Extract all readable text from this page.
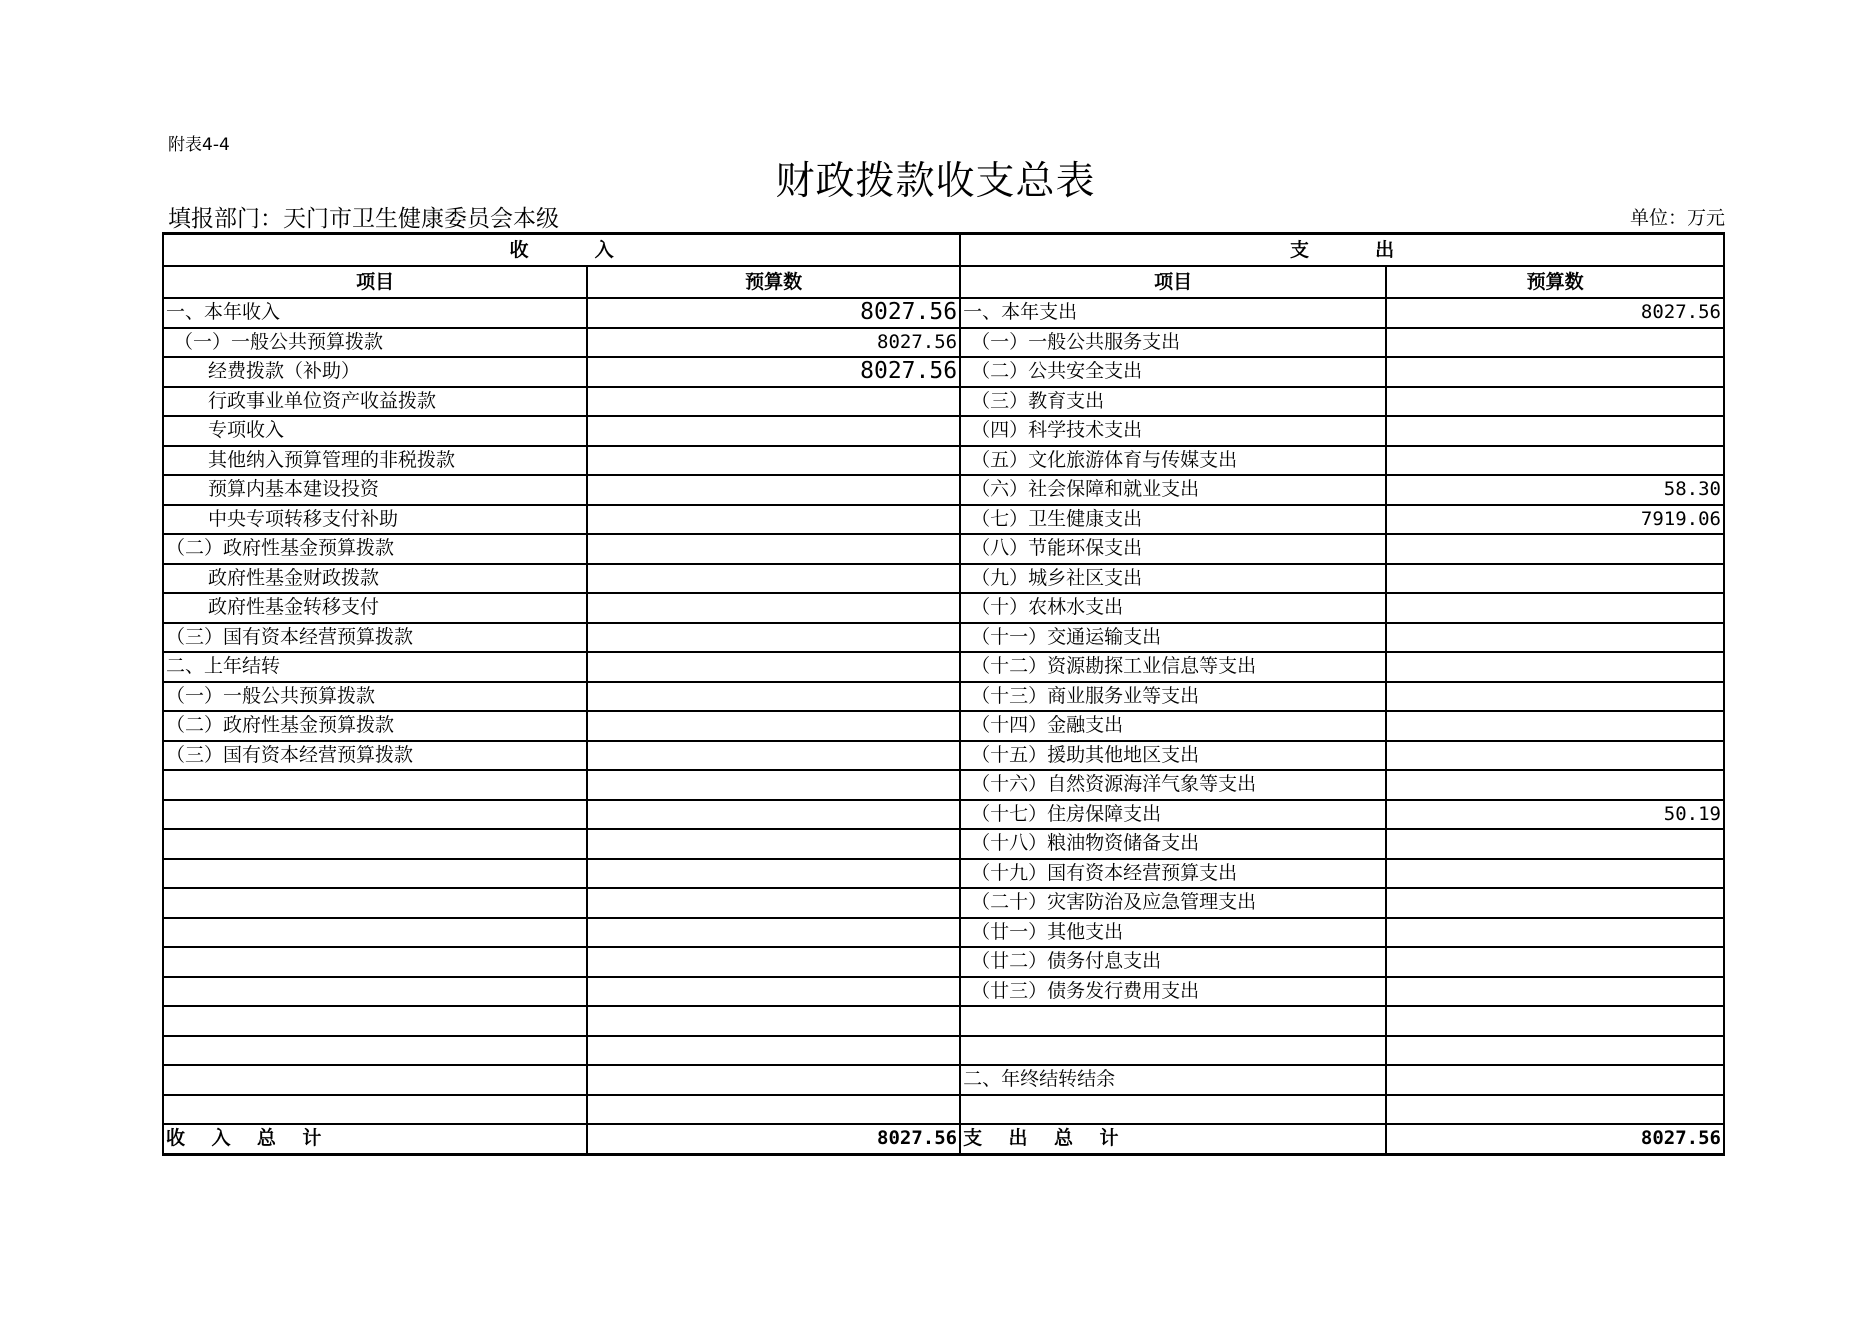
附表4-4
财政拨款收支总表
填报部门：天门市卫生健康委员会本级	单位：万元
收          入		支          出	
项目	预算数	项目	预算数
一、本年收入	8027.56	一、本年支出	8027.56
（一）一般公共预算拨款	8027.56	（一）一般公共服务支出	
经费拨款（补助）	8027.56	（二）公共安全支出	
行政事业单位资产收益拨款		（三）教育支出	
专项收入		（四）科学技术支出	
其他纳入预算管理的非税拨款		（五）文化旅游体育与传媒支出	
预算内基本建设投资		（六）社会保障和就业支出	58.30
中央专项转移支付补助		（七）卫生健康支出	7919.06
（二）政府性基金预算拨款		（八）节能环保支出	
政府性基金财政拨款		（九）城乡社区支出	
政府性基金转移支付		（十）农林水支出	
（三）国有资本经营预算拨款		（十一）交通运输支出	
二、上年结转		（十二）资源勘探工业信息等支出	
（一）一般公共预算拨款		（十三）商业服务业等支出	
（二）政府性基金预算拨款		（十四）金融支出	
（三）国有资本经营预算拨款		（十五）援助其他地区支出	
		（十六）自然资源海洋气象等支出	
		（十七）住房保障支出	50.19
		（十八）粮油物资储备支出	
		（十九）国有资本经营预算支出	
		（二十）灾害防治及应急管理支出	
		（廿一）其他支出	
		（廿二）债务付息支出	
		（廿三）债务发行费用支出	

		二、年终结转结余	

收    入    总    计	8027.56	支    出    总    计	8027.56
